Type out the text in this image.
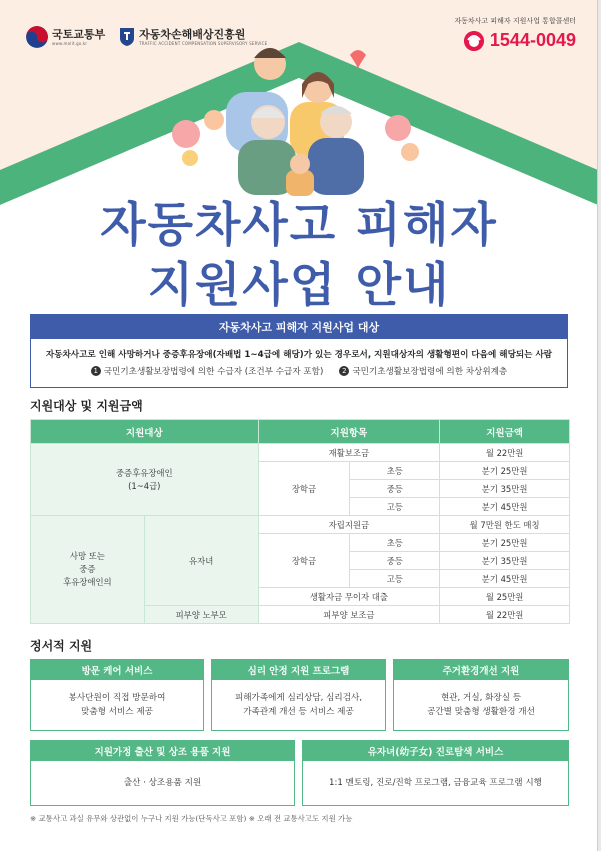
국토교통부
www.molit.go.kr
자동차손해배상진흥원
TRAFFIC ACCIDENT COMPENSATION SUPERVISORY SERVICE
자동차사고 피해자 지원사업 통합콜센터
1544-0049
자동차사고 피해자
지원사업 안내
자동차사고 피해자 지원사업 대상
자동차사고로 인해 사망하거나 중증후유장애(자배법 1~4급에 해당)가 있는 경우로서, 지원대상자의 생활형편이 다음에 해당되는 사람
1 국민기초생활보장법령에 의한 수급자 (조건부 수급자 포함)	2 국민기초생활보장법령에 의한 차상위계층
지원대상 및 지원금액
지원대상		지원항목		지원금액
중증후유장애인
(1~4급)		재활보조금		월 22만원
		장학금	초등	분기 25만원
			중등	분기 35만원
			고등	분기 45만원
사망 또는
중증
후유장애인의	유자녀	자립지원금		월 7만원 한도 매칭
		장학금	초등	분기 25만원
			중등	분기 35만원
			고등	분기 45만원
		생활자금 무이자 대출		월 25만원
	피부양 노부모	피부양 보조금		월 22만원
정서적 지원
방문 케어 서비스
봉사단원이 직접 방문하여
맞춤형 서비스 제공
심리 안정 지원 프로그램
피해가족에게 심리상담, 심리검사,
가족관계 개선 등 서비스 제공
주거환경개선 지원
현관, 거실, 화장실 등
공간별 맞춤형 생활환경 개선
지원가정 출산 및 상조 용품 지원
출산 · 상조용품 지원
유자녀(幼子女) 진로탐색 서비스
1:1 멘토링, 진로/진학 프로그램, 금융교육 프로그램 시행
※ 교통사고 과실 유무와 상관없이 누구나 지원 가능(단독사고 포함) ※ 오래 전 교통사고도 지원 가능
